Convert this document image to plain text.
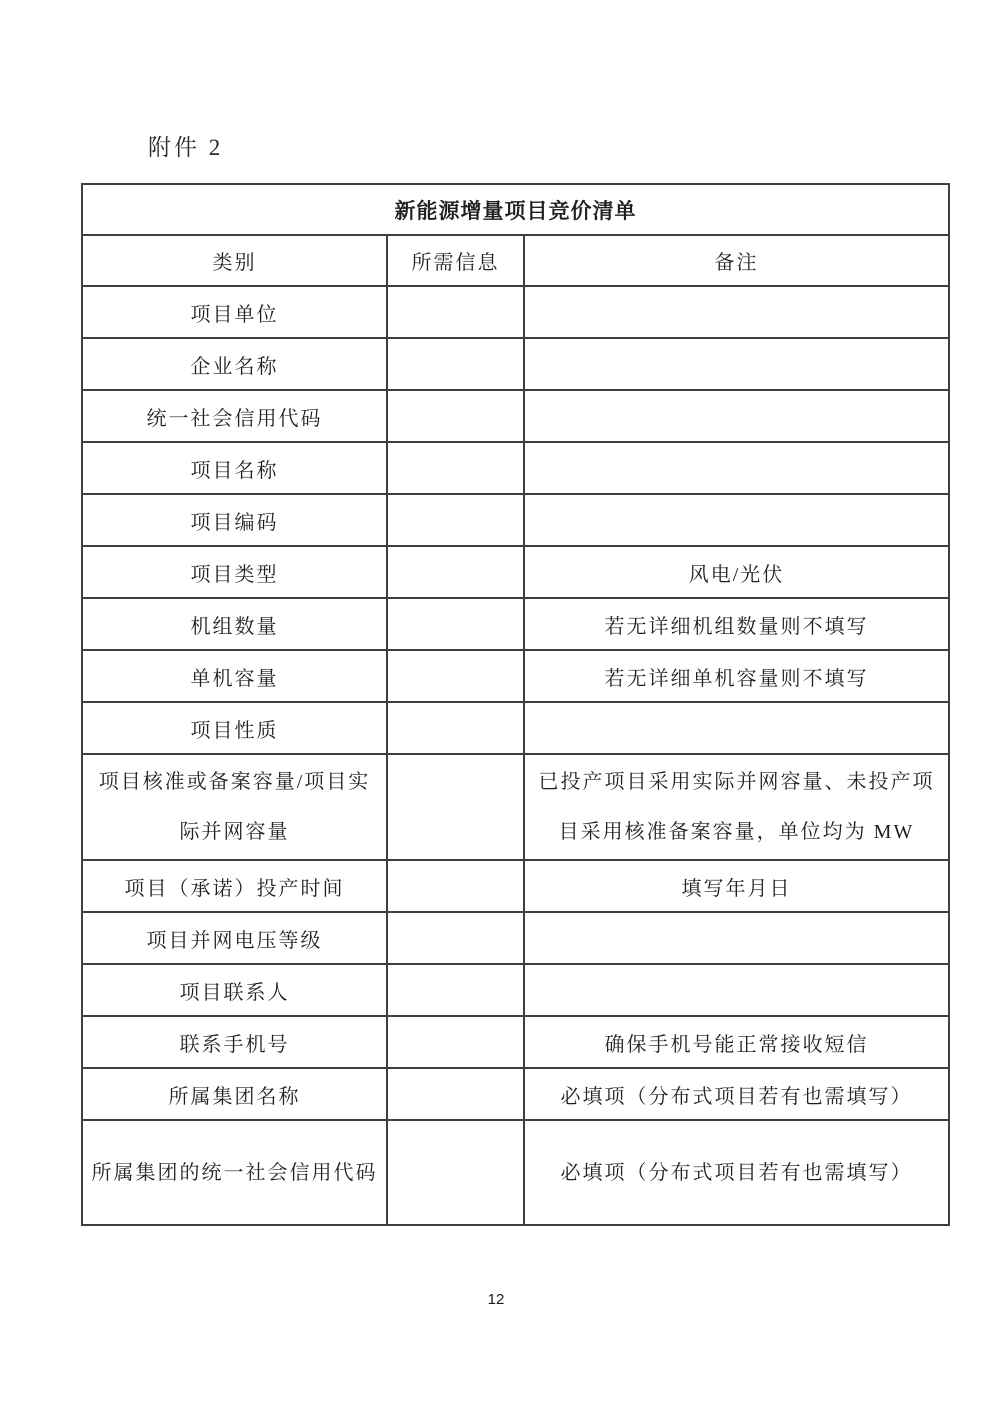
附件 2
新能源增量项目竞价清单		
类别	所需信息	备注
项目单位		
企业名称		
统一社会信用代码		
项目名称		
项目编码		
项目类型		风电/光伏
机组数量		若无详细机组数量则不填写
单机容量		若无详细单机容量则不填写
项目性质		
项目核准或备案容量/项目实际并网容量		已投产项目采用实际并网容量、未投产项目采用核准备案容量，单位均为 MW
项目（承诺）投产时间		填写年月日
项目并网电压等级		
项目联系人		
联系手机号		确保手机号能正常接收短信
所属集团名称		必填项（分布式项目若有也需填写）
所属集团的统一社会信用代码		必填项（分布式项目若有也需填写）
12
